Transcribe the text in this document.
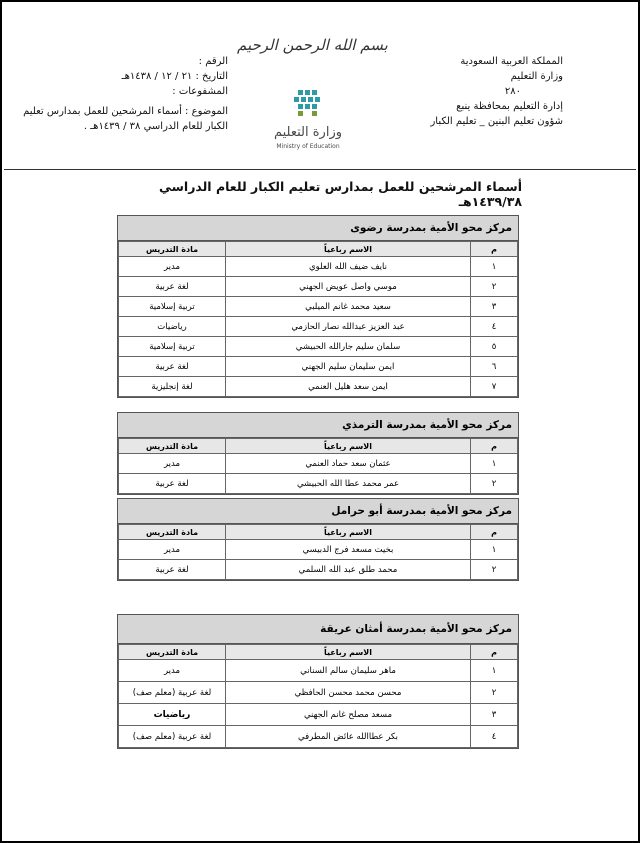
بسم الله الرحمن الرحيم
المملكة العربية السعودية
وزارة التعليم
٢٨٠
إدارة التعليم بمحافظة ينبع
شؤون تعليم البنين _ تعليم الكبار
الرقم :
التاريخ : ٢١ / ١٢ / ١٤٣٨هـ
المشفوعات :
الموضوع : أسماء المرشحين للعمل بمدارس تعليم
الكبار للعام الدراسي ٣٨ / ١٤٣٩هـ .	وزارة التعليم
Ministry of Education
أسماء المرشحين للعمل بمدارس تعليم الكبار للعام الدراسي ١٤٣٩/٣٨هـ
مركز محو الأمية بمدرسة رضوى
م	الاسم رباعياً	مادة التدريس
١	نايف ضيف الله العلوي	مدير
٢	موسي واصل عويض الجهني	لغة عربية
٣	سعيد محمد غانم الميلبي	تربية إسلامية
٤	عبد العزيز عبدالله نصار الحازمي	رياضيات
٥	سلمان سليم جارالله الحبيشي	تربية إسلامية
٦	ايمن سليمان سليم الجهني	لغة عربية
٧	ايمن سعد هليل العنمي	لغة إنجليزية
مركز محو الأمية بمدرسة الترمذي
م	الاسم رباعياً	مادة التدريس
١	عثمان سعد حماد العنمي	مدير
٢	عمر محمد عطا الله الحبيشي	لغة عربية
مركز محو الأمية بمدرسة أبو حرامل
م	الاسم رباعياً	مادة التدريس
١	بخيت مسعد فرج الدبيسي	مدير
٢	محمد طلق عبد الله السلمي	لغة عربية
مركز محو الأمية بمدرسة أمثان عريقة
م	الاسم رباعياً	مادة التدريس
١	ماهر سليمان سالم السناني	مدير
٢	محسن محمد محسن الحافظي	لغة عربية (معلم صف)
٣	مسعد مصلح غانم الجهني	رياضيات
٤	بكر عطاالله عائض المطرفي	لغة عربية (معلم صف)
